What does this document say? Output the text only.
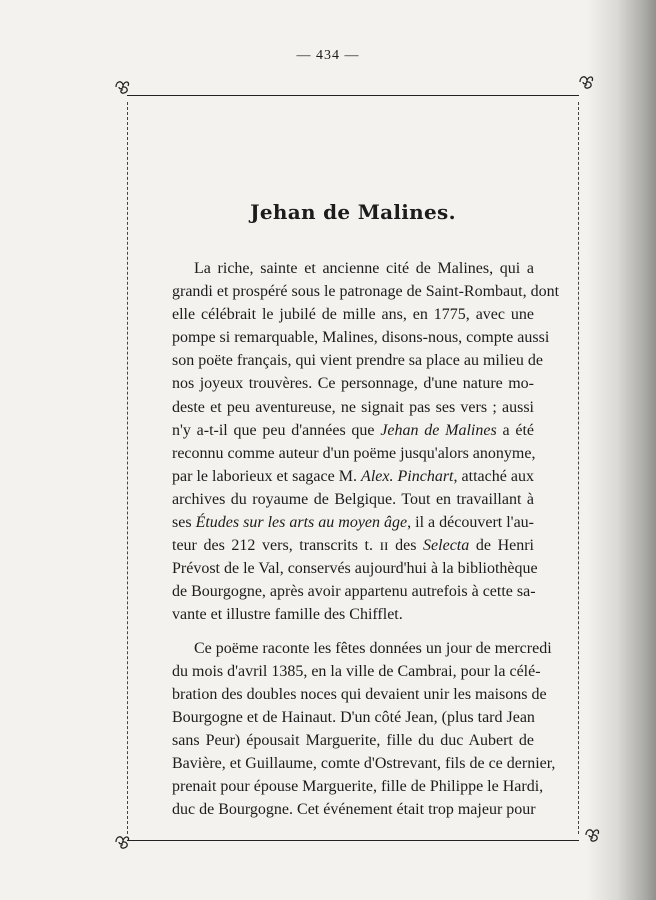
— 434 —
Jehan de Malines.
La riche, sainte et ancienne cité de Malines, qui a
grandi et prospéré sous le patronage de Saint-Rombaut, dont
elle célébrait le jubilé de mille ans, en 1775, avec une
pompe si remarquable, Malines, disons-nous, compte aussi
son poëte français, qui vient prendre sa place au milieu de
nos joyeux trouvères. Ce personnage, d'une nature mo-
deste et peu aventureuse, ne signait pas ses vers ; aussi
n'y a-t-il que peu d'années que Jehan de Malines a été
reconnu comme auteur d'un poëme jusqu'alors anonyme,
par le laborieux et sagace M. Alex. Pinchart, attaché aux
archives du royaume de Belgique. Tout en travaillant à
ses Études sur les arts au moyen âge, il a découvert l'au-
teur des 212 vers, transcrits t. ɪɪ des Selecta de Henri
Prévost de le Val, conservés aujourd'hui à la bibliothèque
de Bourgogne, après avoir appartenu autrefois à cette sa-
vante et illustre famille des Chifflet.
Ce poëme raconte les fêtes données un jour de mercredi
du mois d'avril 1385, en la ville de Cambrai, pour la célé-
bration des doubles noces qui devaient unir les maisons de
Bourgogne et de Hainaut. D'un côté Jean, (plus tard Jean
sans Peur) épousait Marguerite, fille du duc Aubert de
Bavière, et Guillaume, comte d'Ostrevant, fils de ce dernier,
prenait pour épouse Marguerite, fille de Philippe le Hardi,
duc de Bourgogne. Cet événement était trop majeur pour
